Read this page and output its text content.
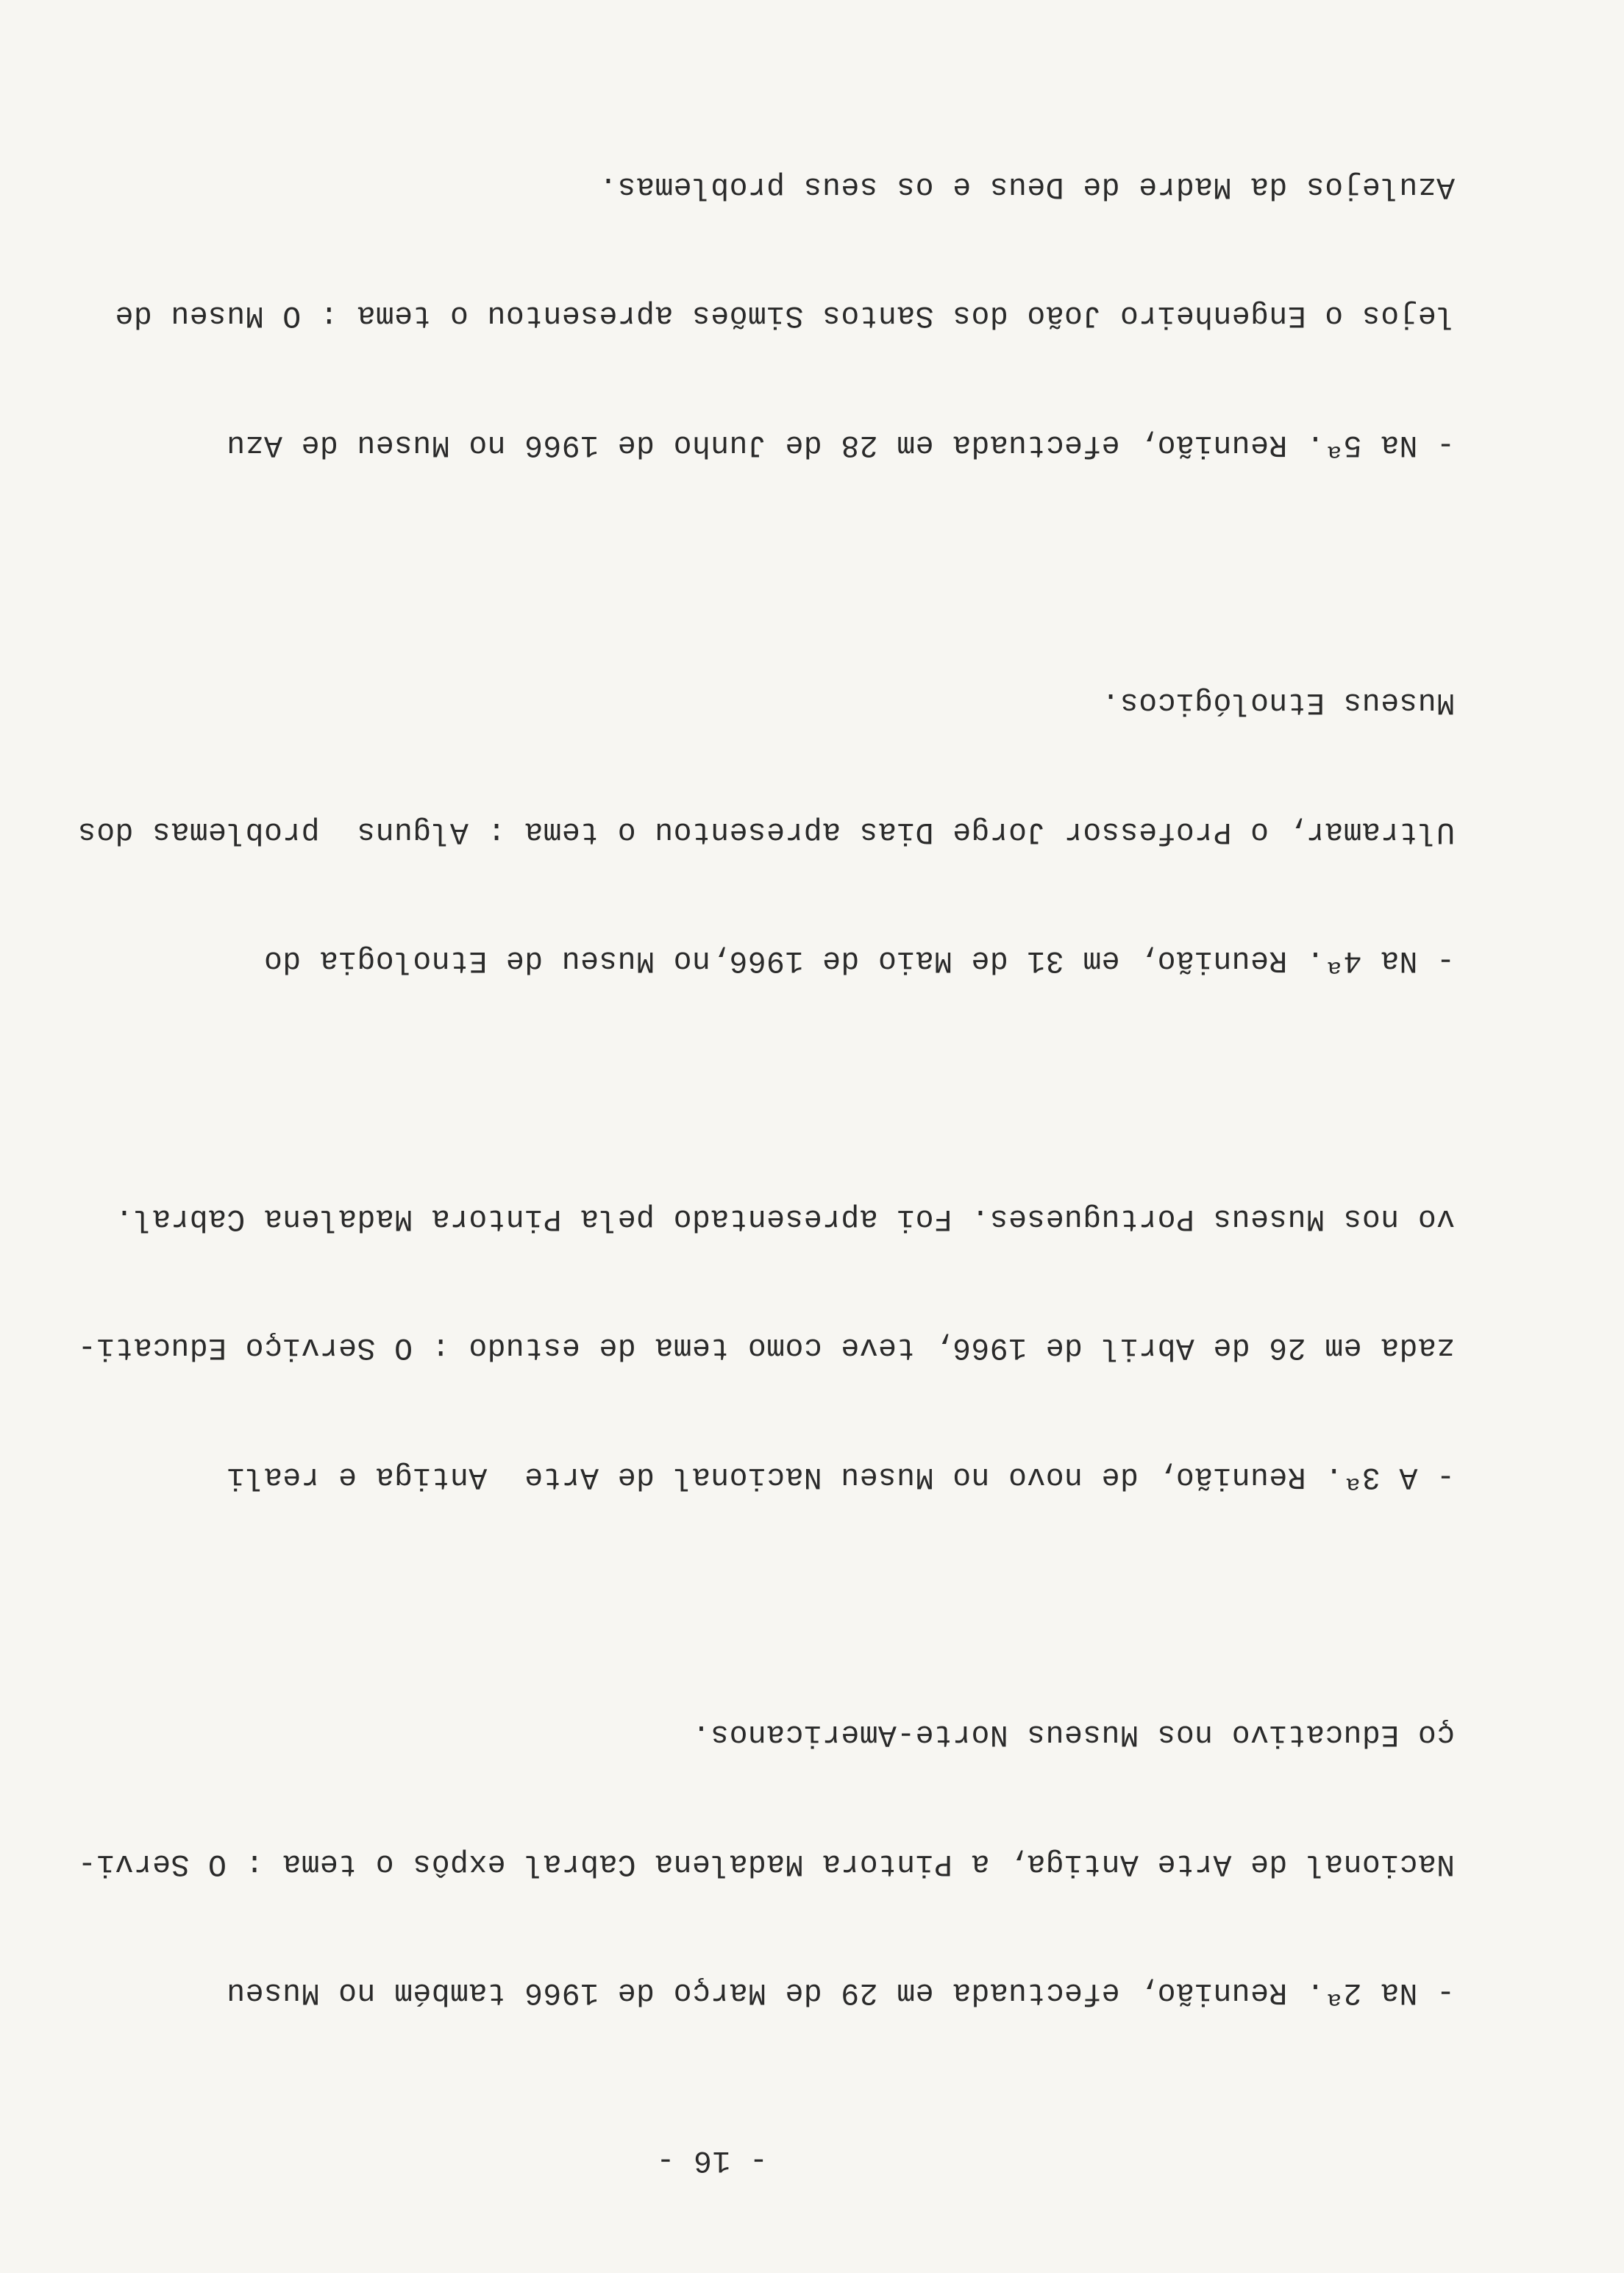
- 16 -

- Na 2ª. Reunião, efectuada em 29 de Março de 1966 também no Museu

Nacional de Arte Antiga, a Pintora Madalena Cabral expôs o tema : O Servi-

ço Educativo nos Museus Norte-Americanos.

- A 3ª. Reunião, de novo no Museu Nacional de Arte  Antiga e reali

zada em 26 de Abril de 1966, teve como tema de estudo : O Serviço Educati-

vo nos Museus Portugueses. Foi apresentado pela Pintora Madalena Cabral.

- Na 4ª. Reunião, em 31 de Maio de 1966,no Museu de Etnologia do

Ultramar, o Professor Jorge Dias apresentou o tema : Alguns  problemas dos

Museus Etnológicos.

- Na 5ª. Reunião, efectuada em 28 de Junho de 1966 no Museu de Azu

lejos o Engenheiro João dos Santos Simões apresentou o tema : O Museu de

Azulejos da Madre de Deus e os seus problemas.
